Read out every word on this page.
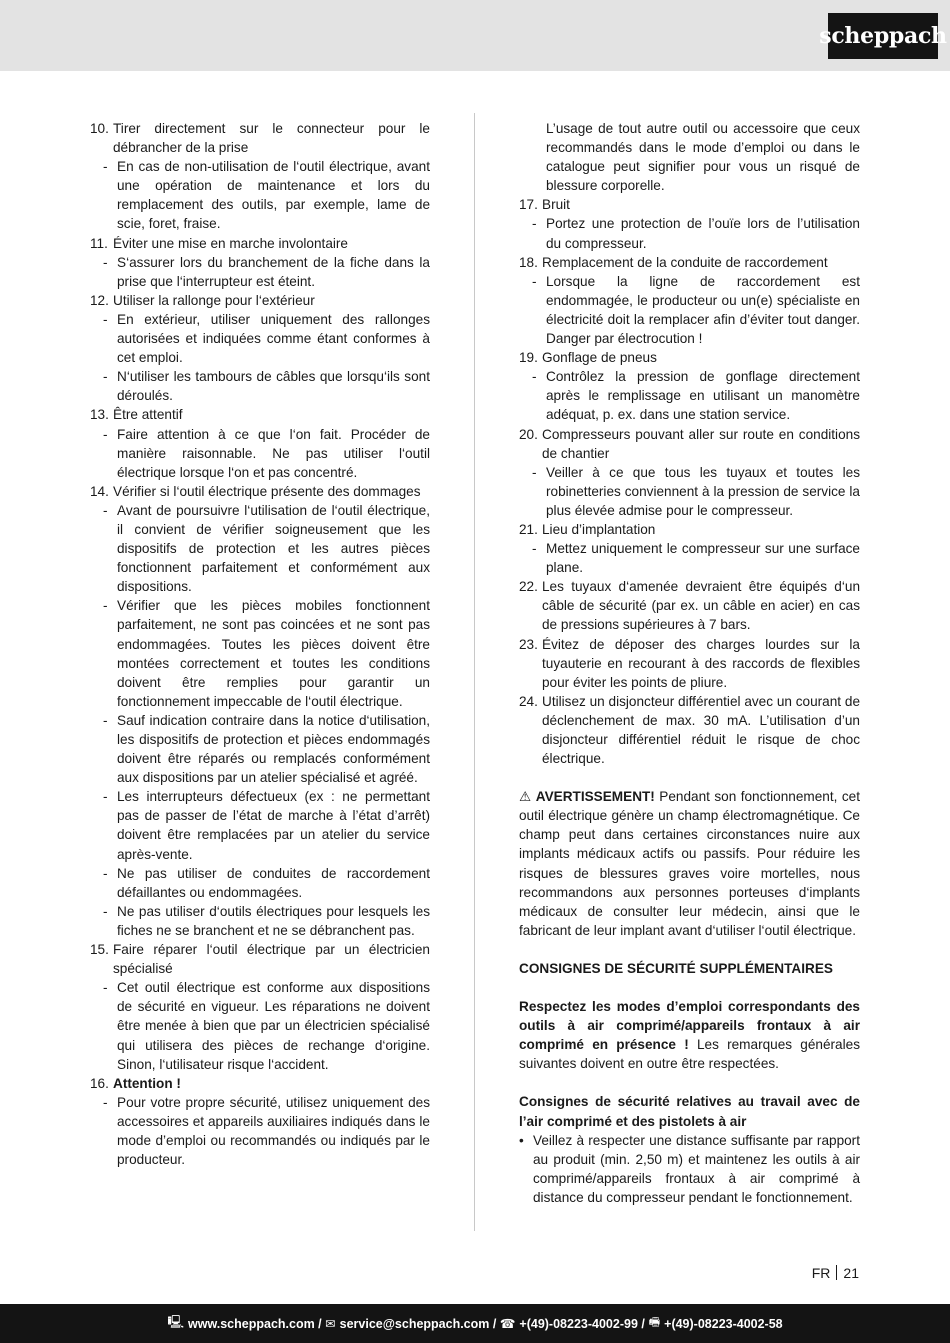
scheppach
10. Tirer directement sur le connecteur pour le débrancher de la prise
- En cas de non-utilisation de l‘outil électrique, avant une opération de maintenance et lors du remplacement des outils, par exemple, lame de scie, foret, fraise.
11. Éviter une mise en marche involontaire
- S‘assurer lors du branchement de la fiche dans la prise que l‘interrupteur est éteint.
12. Utiliser la rallonge pour l‘extérieur
- En extérieur, utiliser uniquement des rallonges autorisées et indiquées comme étant conformes à cet emploi.
- N‘utiliser les tambours de câbles que lorsqu‘ils sont déroulés.
13. Être attentif
- Faire attention à ce que l‘on fait. Procéder de manière raisonnable. Ne pas utiliser l‘outil électrique lorsque l‘on et pas concentré.
14. Vérifier si l‘outil électrique présente des dommages
- Avant de poursuivre l‘utilisation de l‘outil électrique, il convient de vérifier soigneusement que les dispositifs de protection et les autres pièces fonctionnent parfaitement et conformément aux dispositions.
- Vérifier que les pièces mobiles fonctionnent parfaitement, ne sont pas coincées et ne sont pas endommagées. Toutes les pièces doivent être montées correctement et toutes les conditions doivent être remplies pour garantir un fonctionnement impeccable de l‘outil électrique.
- Sauf indication contraire dans la notice d‘utilisation, les dispositifs de protection et pièces endommagés doivent être réparés ou remplacés conformément aux dispositions par un atelier spécialisé et agréé.
- Les interrupteurs défectueux (ex : ne permettant pas de passer de l’état de marche à l’état d’arrêt) doivent être remplacées par un atelier du service après-vente.
- Ne pas utiliser de conduites de raccordement défaillantes ou endommagées.
- Ne pas utiliser d‘outils électriques pour lesquels les fiches ne se branchent et ne se débranchent pas.
15. Faire réparer l‘outil électrique par un électricien spécialisé
- Cet outil électrique est conforme aux dispositions de sécurité en vigueur. Les réparations ne doivent être menée à bien que par un électricien spécialisé qui utilisera des pièces de rechange d‘origine. Sinon, l‘utilisateur risque l‘accident.
16. Attention !
- Pour votre propre sécurité, utilisez uniquement des accessoires et appareils auxiliaires indiqués dans le mode d’emploi ou recommandés ou indiqués par le producteur.
L’usage de tout autre outil ou accessoire que ceux recommandés dans le mode d’emploi ou dans le catalogue peut signifier pour vous un risqué de blessure corporelle.
17. Bruit
- Portez une protection de l’ouïe lors de l’utilisation du compresseur.
18. Remplacement de la conduite de raccordement
- Lorsque la ligne de raccordement est endommagée, le producteur ou un(e) spécialiste en électricité doit la remplacer afin d’éviter tout danger. Danger par électrocution !
19. Gonflage de pneus
- Contrôlez la pression de gonflage directement après le remplissage en utilisant un manomètre adéquat, p. ex. dans une station service.
20. Compresseurs pouvant aller sur route en conditions de chantier
- Veiller à ce que tous les tuyaux et toutes les robinetteries conviennent à la pression de service la plus élevée admise pour le compresseur.
21. Lieu d’implantation
- Mettez uniquement le compresseur sur une surface plane.
22. Les tuyaux d‘amenée devraient être équipés d‘un câble de sécurité (par ex. un câble en acier) en cas de pressions supérieures à 7 bars.
23. Évitez de déposer des charges lourdes sur la tuyauterie en recourant à des raccords de flexibles pour éviter les points de pliure.
24. Utilisez un disjoncteur différentiel avec un courant de déclenchement de max. 30 mA. L’utilisation d’un disjoncteur différentiel réduit le risque de choc électrique.
⚠ AVERTISSEMENT! Pendant son fonctionnement, cet outil électrique génère un champ électromagnétique. Ce champ peut dans certaines circonstances nuire aux implants médicaux actifs ou passifs. Pour réduire les risques de blessures graves voire mortelles, nous recommandons aux personnes porteuses d‘implants médicaux de consulter leur médecin, ainsi que le fabricant de leur implant avant d‘utiliser l‘outil électrique.
CONSIGNES DE SÉCURITÉ SUPPLÉMENTAIRES
Respectez les modes d’emploi correspondants des outils à air comprimé/appareils frontaux à air comprimé en présence ! Les remarques générales suivantes doivent en outre être respectées.
Consignes de sécurité relatives au travail avec de l’air comprimé et des pistolets à air
• Veillez à respecter une distance suffisante par rapport au produit (min. 2,50 m) et maintenez les outils à air comprimé/appareils frontaux à air comprimé à distance du compresseur pendant le fonctionnement.
FR 21
🖳 www.scheppach.com /
✉ service@scheppach.com /
☎ +(49)-08223-4002-99 /
🖷 +(49)-08223-4002-58
